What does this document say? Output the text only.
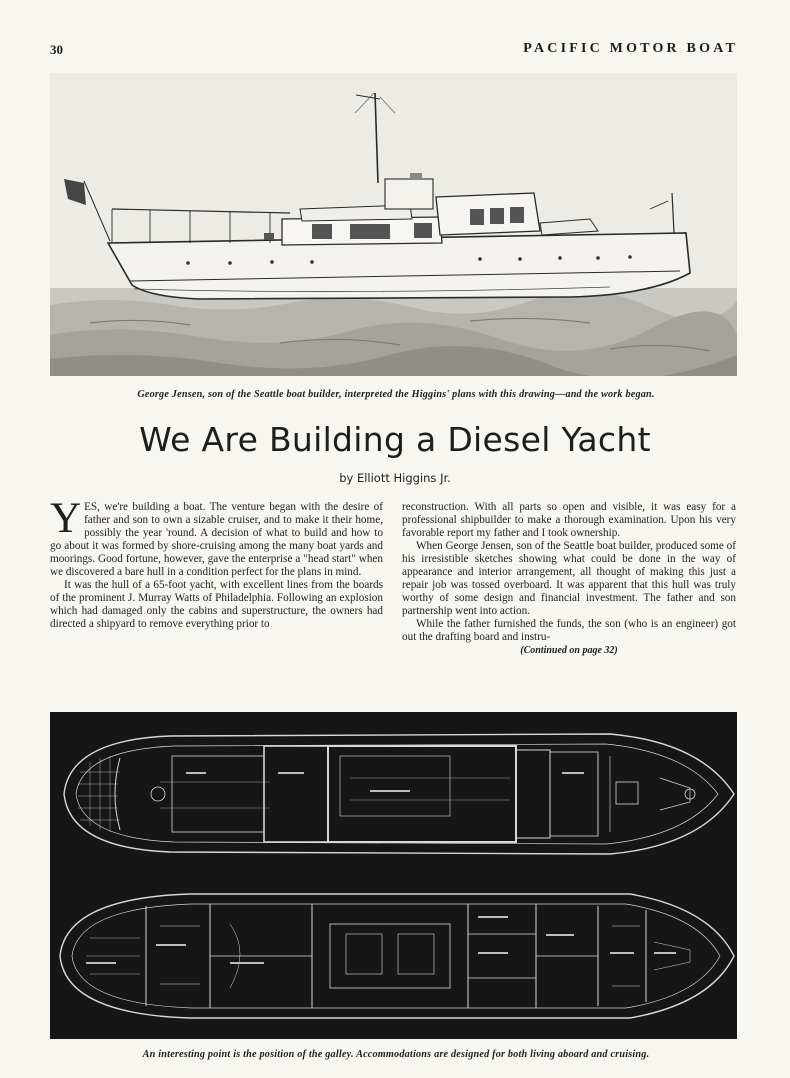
30	PACIFIC MOTOR BOAT
George Jensen, son of the Seattle boat builder, interpreted the Higgins' plans with this drawing—and the work began.
We Are Building a Diesel Yacht
by Elliott Higgins Jr.

YES, we're building a boat. The venture began with the desire of father and son to own a sizable cruiser, and to make it their home, possibly the year 'round. A decision of what to build and how to go about it was formed by shore-cruising among the many boat yards and moorings. Good fortune, however, gave the enterprise a "head start" when we discovered a bare hull in a condition perfect for the plans in mind.

It was the hull of a 65-foot yacht, with excellent lines from the boards of the prominent J. Murray Watts of Philadelphia. Following an explosion which had damaged only the cabins and superstructure, the owners had directed a shipyard to remove everything prior to

reconstruction. With all parts so open and visible, it was easy for a professional shipbuilder to make a thorough examination. Upon his very favorable report my father and I took ownership.

When George Jensen, son of the Seattle boat builder, produced some of his irresistible sketches showing what could be done in the way of appearance and interior arrangement, all thought of making this just a repair job was tossed overboard. It was apparent that this hull was truly worthy of some design and financial investment. The father and son partnership went into action.

While the father furnished the funds, the son (who is an engineer) got out the drafting board and instru-

(Continued on page 32)

An interesting point is the position of the galley. Accommodations are designed for both living aboard and cruising.
